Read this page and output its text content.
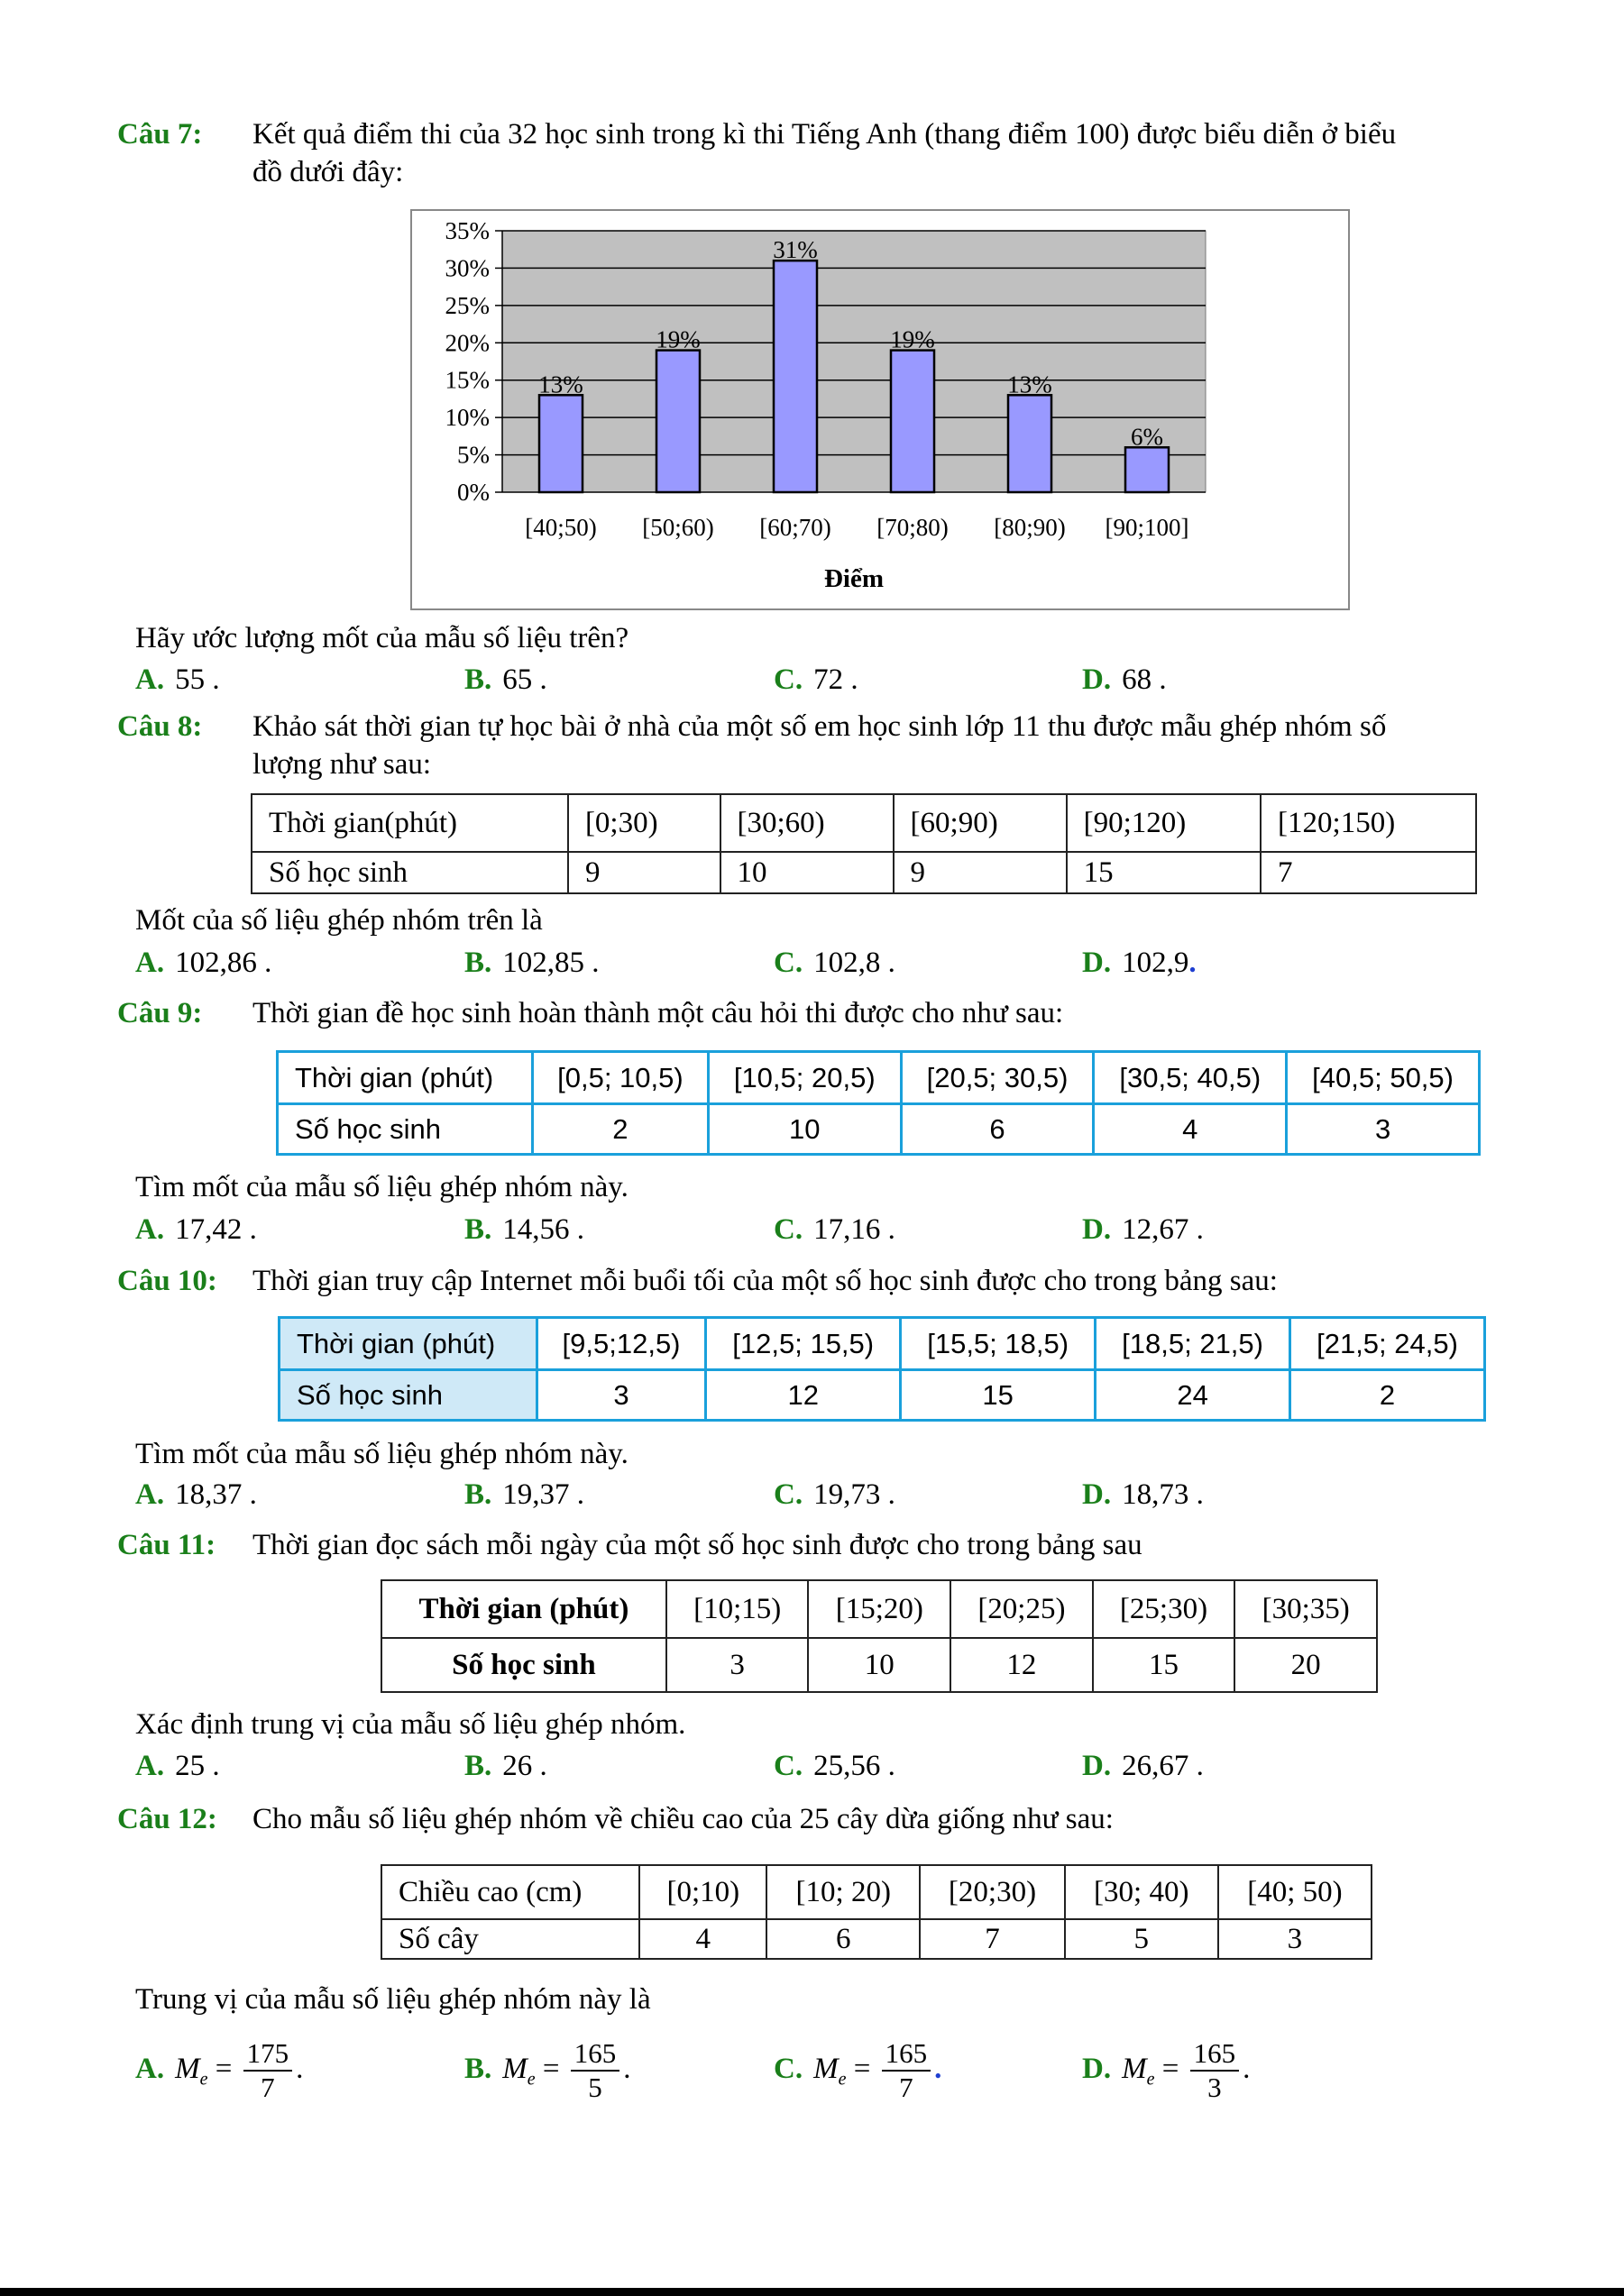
Câu 7: Kết quả điểm thi của 32 học sinh trong kì thi Tiếng Anh (thang điểm 100) được biểu diễn ở biểu
đồ dưới đây:
0%
5%
10%
15%
20%
25%
30%
35%
13%
19%
31%
19%
13%
6%
[40;50) [50;60) [60;70) [70;80) [80;90) [90;100]
Điểm
Hãy ước lượng mốt của mẫu số liệu trên?
A. 55 .	B. 65 .	C. 72 .	D. 68 .
Câu 8: Khảo sát thời gian tự học bài ở nhà của một số em học sinh lớp 11 thu được mẫu ghép nhóm số
lượng như sau:
Thời gian(phút)	[0;30)	[30;60)	[60;90)	[90;120)	[120;150)
Số học sinh	9	10	9	15	7
Mốt của số liệu ghép nhóm trên là
A. 102,86 .	B. 102,85 .	C. 102,8 .	D. 102,9.
Câu 9: Thời gian đề học sinh hoàn thành một câu hỏi thi được cho như sau:
Thời gian (phút)	[0,5; 10,5)	[10,5; 20,5)	[20,5; 30,5)	[30,5; 40,5)	[40,5; 50,5)
Số học sinh	2	10	6	4	3
Tìm mốt của mẫu số liệu ghép nhóm này.
A. 17,42 .	B. 14,56 .	C. 17,16 .	D. 12,67 .
Câu 10: Thời gian truy cập Internet mỗi buổi tối của một số học sinh được cho trong bảng sau:
Thời gian (phút)	[9,5;12,5)	[12,5; 15,5)	[15,5; 18,5)	[18,5; 21,5)	[21,5; 24,5)
Số học sinh	3	12	15	24	2
Tìm mốt của mẫu số liệu ghép nhóm này.
A. 18,37 .	B. 19,37 .	C. 19,73 .	D. 18,73 .
Câu 11: Thời gian đọc sách mỗi ngày của một số học sinh được cho trong bảng sau
Thời gian (phút)	[10;15)	[15;20)	[20;25)	[25;30)	[30;35)
Số học sinh	3	10	12	15	20
Xác định trung vị của mẫu số liệu ghép nhóm.
A. 25 .	B. 26 .	C. 25,56 .	D. 26,67 .
Câu 12: Cho mẫu số liệu ghép nhóm về chiều cao của 25 cây dừa giống như sau:
Chiều cao (cm)	[0;10)	[10; 20)	[20;30)	[30; 40)	[40; 50)
Số cây	4	6	7	5	3
Trung vị của mẫu số liệu ghép nhóm này là
A. $M_e = \frac{175}{7}$ .	B. $M_e = \frac{165}{5}$ .	C. $M_e = \frac{165}{7}$ .	D. $M_e = \frac{165}{3}$ .
